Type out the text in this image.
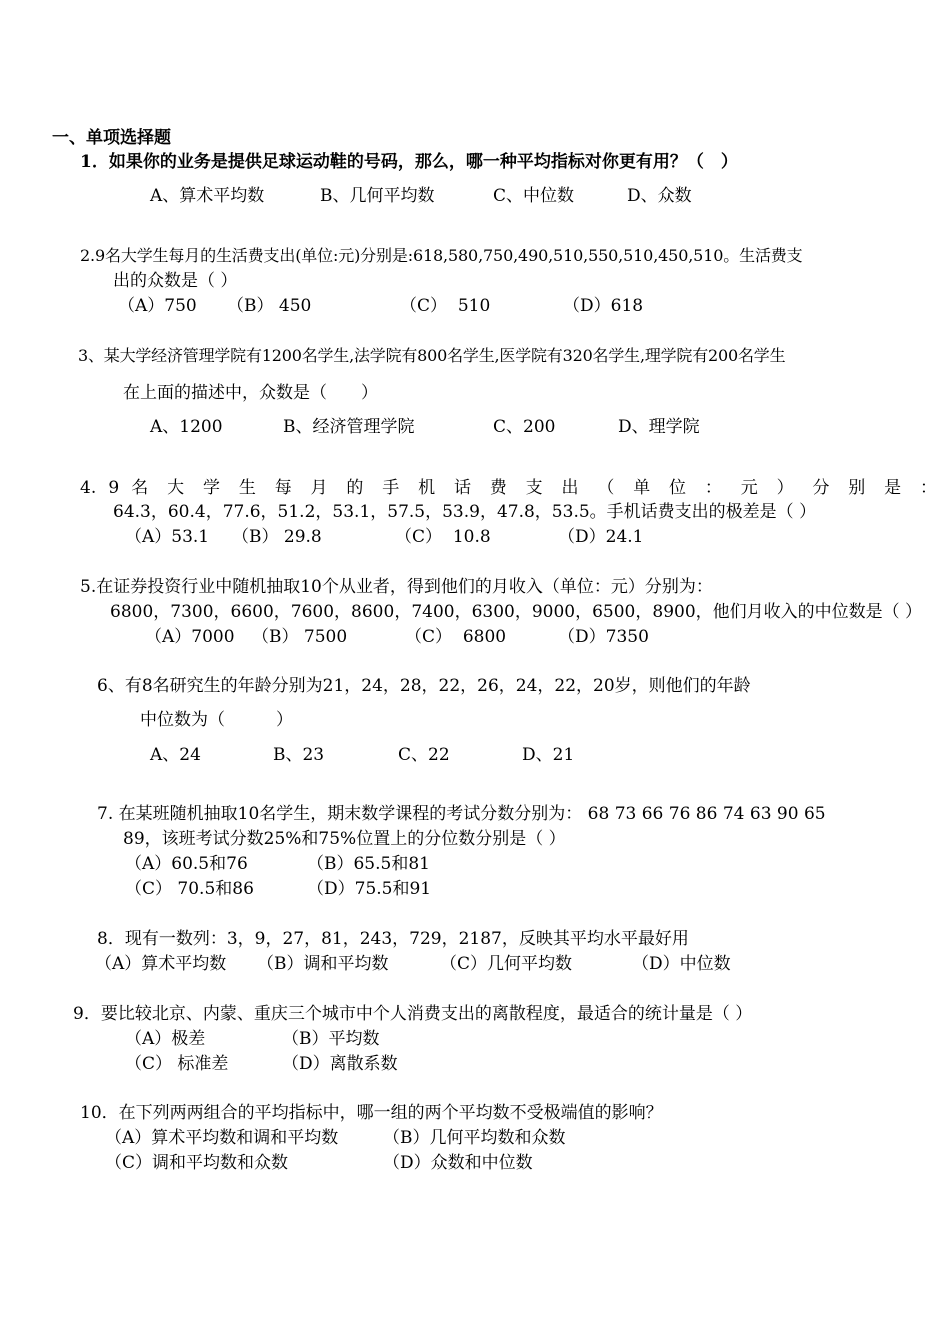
一、单项选择题
1．如果你的业务是提供足球运动鞋的号码，那么，哪一种平均指标对你更有用？（　）
A、算术平均数	B、几何平均数	C、中位数	D、众数
2.9名大学生每月的生活费支出(单位:元)分别是:618,580,750,490,510,550,510,450,510。生活费支
出的众数是（ ）
（A）750 （B） 450	（C）  510	（D）618
3、某大学经济管理学院有1200名学生,法学院有800名学生,医学院有320名学生,理学院有200名学生
在上面的描述中，众数是（　　）
A、1200	B、经济管理学院	C、200	D、理学院
4. 9 名 大 学 生 每 月 的 手 机 话 费 支 出 （ 单 位 ： 元 ） 分 别 是 ：
64.3，60.4，77.6，51.2，53.1，57.5，53.9，47.8，53.5。手机话费支出的极差是（ ）
（A）53.1 （B） 29.8	（C）  10.8	（D）24.1
5.在证券投资行业中随机抽取10个从业者，得到他们的月收入（单位：元）分别为：
6800，7300，6600，7600，8600，7400，6300，9000，6500，8900，他们月收入的中位数是（ ）
（A）7000 （B） 7500	（C）  6800	（D）7350
6、有8名研究生的年龄分别为21，24，28，22，26，24，22，20岁，则他们的年龄
中位数为（　　　）
A、24	B、23	C、22	D、21
7. 在某班随机抽取10名学生，期末数学课程的考试分数分别为： 68 73 66 76 86 74 63 90 65
89，该班考试分数25%和75%位置上的分位数分别是（ ）
（A）60.5和76	（B）65.5和81
（C） 70.5和86	（D）75.5和91
8．现有一数列：3，9，27，81，243，729，2187，反映其平均水平最好用
（A）算术平均数 （B）调和平均数	（C）几何平均数	（D）中位数
9．要比较北京、内蒙、重庆三个城市中个人消费支出的离散程度，最适合的统计量是（ ）
（A）极差	（B）平均数
（C） 标准差	（D）离散系数
10．在下列两两组合的平均指标中，哪一组的两个平均数不受极端值的影响？
（A）算术平均数和调和平均数	（B）几何平均数和众数
（C）调和平均数和众数	（D）众数和中位数
